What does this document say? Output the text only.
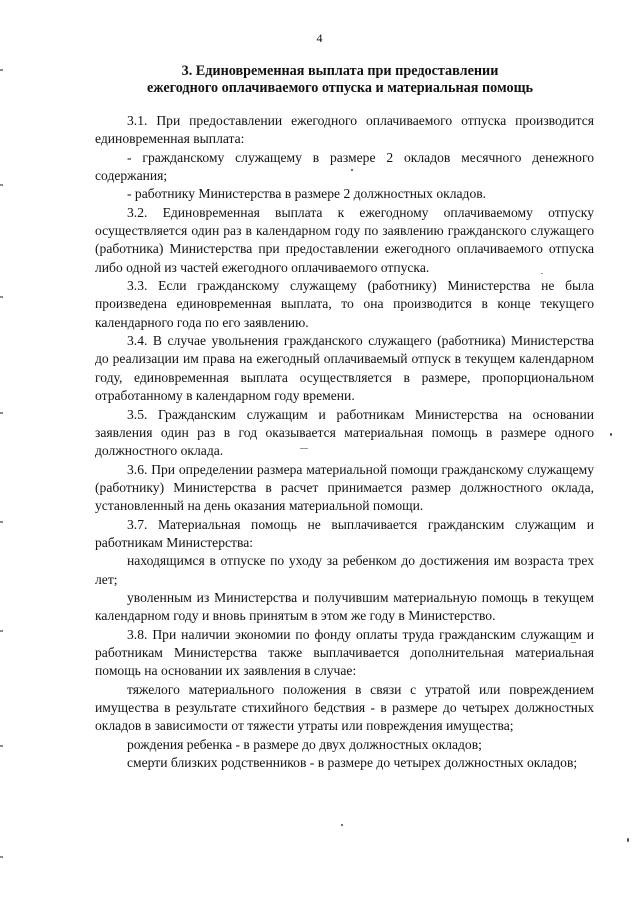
4
3. Единовременная выплата при предоставлении
ежегодного оплачиваемого отпуска и материальная помощь

3.1. При предоставлении ежегодного оплачиваемого отпуска производится единовременная выплата:

- гражданскому служащему в размере 2 окладов месячного денежного содержания;

- работнику Министерства в размере 2 должностных окладов.

3.2. Единовременная выплата к ежегодному оплачиваемому отпуску осуществляется один раз в календарном году по заявлению гражданского служащего (работника) Министерства при предоставлении ежегодного оплачиваемого отпуска либо одной из частей ежегодного оплачиваемого отпуска.

3.3. Если гражданскому служащему (работнику) Министерства не была произведена единовременная выплата, то она производится в конце текущего календарного года по его заявлению.

3.4. В случае увольнения гражданского служащего (работника) Министерства до реализации им права на ежегодный оплачиваемый отпуск в текущем календарном году, единовременная выплата осуществляется в размере, пропорциональном отработанному в календарном году времени.

3.5. Гражданским служащим и работникам Министерства на основании заявления один раз в год оказывается материальная помощь в размере одного должностного оклада.

3.6. При определении размера материальной помощи гражданскому служащему (работнику) Министерства в расчет принимается размер должностного оклада, установленный на день оказания материальной помощи.

3.7. Материальная помощь не выплачивается гражданским служащим и работникам Министерства:

находящимся в отпуске по уходу за ребенком до достижения им возраста трех лет;

уволенным из Министерства и получившим материальную помощь в текущем календарном году и вновь принятым в этом же году в Министерство.

3.8. При наличии экономии по фонду оплаты труда гражданским служащим и работникам Министерства также выплачивается дополнительная материальная помощь на основании их заявления в случае:

тяжелого материального положения в связи с утратой или повреждением имущества в результате стихийного бедствия - в размере до четырех должностных окладов в зависимости от тяжести утраты или повреждения имущества;

рождения ребенка - в размере до двух должностных окладов;

смерти близких родственников - в размере до четырех должностных окладов;
